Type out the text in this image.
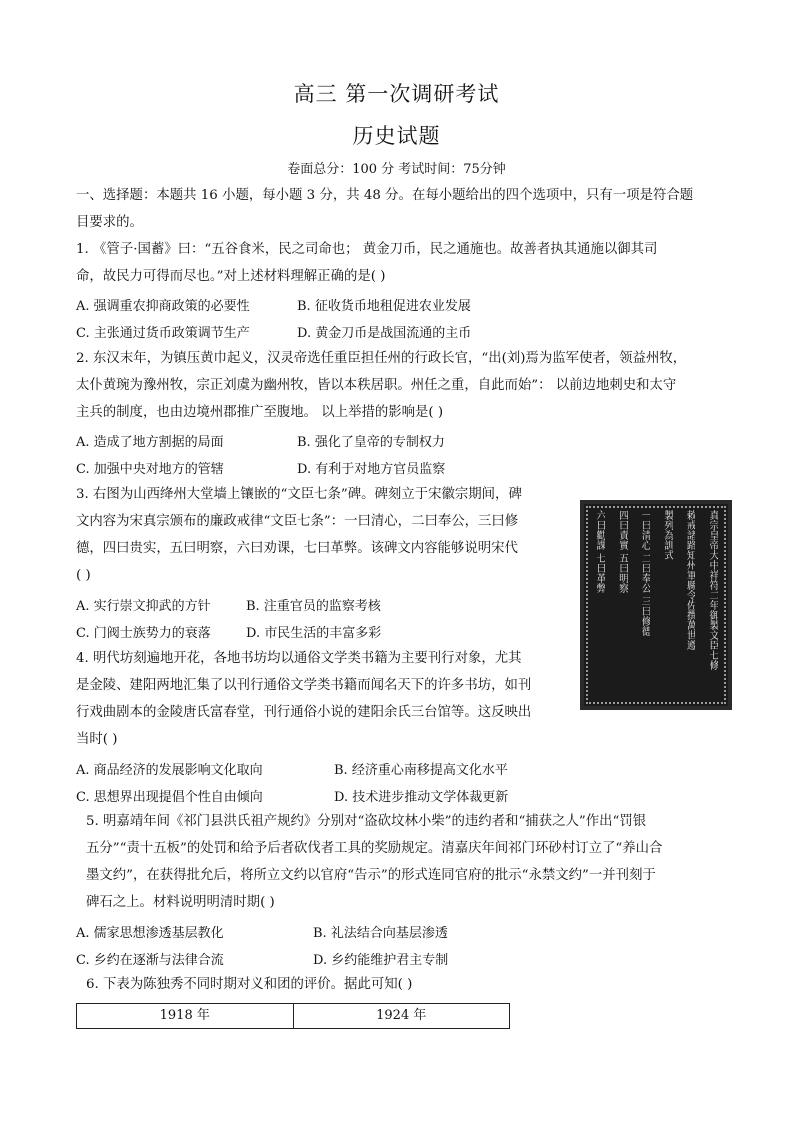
高三 第一次调研考试
历史试题
卷面总分：100 分 考试时间：75分钟
一、选择题：本题共 16 小题，每小题 3 分，共 48 分。在每小题给出的四个选项中，只有一项是符合题
目要求的。
1. 《管子·国蓄》曰：“五谷食米，民之司命也； 黄金刀币，民之通施也。故善者执其通施以御其司
命，故民力可得而尽也。”对上述材料理解正确的是( )
A. 强调重农抑商政策的必要性	B. 征收货币地租促进农业发展
C. 主张通过货币政策调节生产	D. 黄金刀币是战国流通的主币
2. 东汉末年，为镇压黄巾起义，汉灵帝选任重臣担任州的行政长官，“出(刘)焉为监军使者，领益州牧，
太仆黄琬为豫州牧，宗正刘虞为幽州牧，皆以本秩居职。州任之重，自此而始”： 以前边地刺史和太守
主兵的制度，也由边境州郡推广至腹地。 以上举措的影响是( )
A. 造成了地方割据的局面	B. 强化了皇帝的专制权力
C. 加强中央对地方的管辖	D. 有利于对地方官员监察
3. 右图为山西绛州大堂墙上镶嵌的“文臣七条”碑。碑刻立于宋徽宗期间，碑
文内容为宋真宗颁布的廉政戒律“文臣七条”：一曰清心，二曰奉公，三曰修
德，四曰贵实，五曰明察，六曰劝课，七曰革弊。该碑文内容能够说明宋代
( )
A. 实行崇文抑武的方针	B. 注重官员的监察考核
C. 门阀士族势力的衰落	D. 市民生活的丰富多彩	真宗皇帝大中祥符二年御製文臣七條
敕戒諸路知州軍縣令佐撰萬世遵
製列為訓式
一曰清心 二曰奉公 三曰修德
四曰責實 五曰明察
六曰勸課 七曰革弊
4. 明代坊刻遍地开花，各地书坊均以通俗文学类书籍为主要刊行对象，尤其
是金陵、建阳两地汇集了以刊行通俗文学类书籍而闻名天下的许多书坊，如刊
行戏曲剧本的金陵唐氏富春堂，刊行通俗小说的建阳余氏三台馆等。这反映出
当时( )
A. 商品经济的发展影响文化取向	B. 经济重心南移提高文化水平
C. 思想界出现提倡个性自由倾向	D. 技术进步推动文学体裁更新
5. 明嘉靖年间《祁门县洪氏祖产规约》分别对“盗砍坟林小柴”的违约者和“捕获之人”作出“罚银
五分”“责十五板”的处罚和给予后者砍伐者工具的奖励规定。清嘉庆年间祁门环砂村订立了“养山合
墨文约”，在获得批允后，将所立文约以官府“告示”的形式连同官府的批示“永禁文约”一并刊刻于
碑石之上。材料说明明清时期( )
A. 儒家思想渗透基层教化	B. 礼法结合向基层渗透
C. 乡约在逐渐与法律合流	D. 乡约能维护君主专制
6. 下表为陈独秀不同时期对义和团的评价。据此可知( )
1918 年	1924 年
